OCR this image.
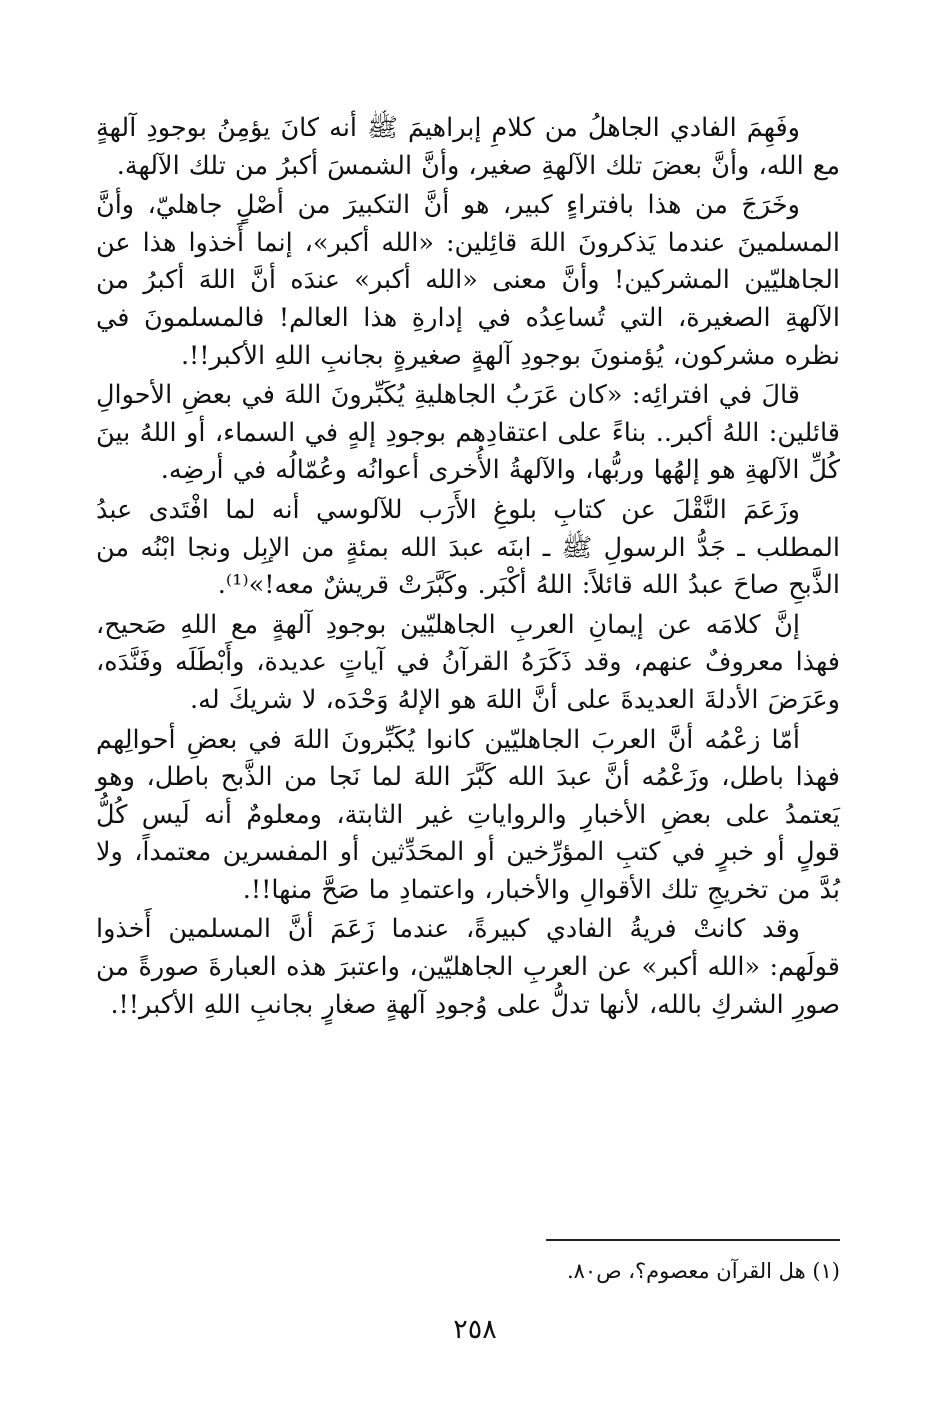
وفَهِمَ الفادي الجاهلُ من كلامِ إبراهيمَ ﷺ أنه كانَ يؤمِنُ بوجودِ آلهةٍ مع الله، وأنَّ بعضَ تلك الآلهةِ صغير، وأنَّ الشمسَ أكبرُ من تلك الآلهة.

وخَرَجَ من هذا بافتراءٍ كبير، هو أنَّ التكبيرَ من أصْلٍ جاهليّ، وأنَّ المسلمينَ عندما يَذكرونَ اللهَ قائِلين: «الله أكبر»، إنما أَخذوا هذا عن الجاهليّين المشركين! وأنَّ معنى «الله أكبر» عندَه أنَّ اللهَ أكبرُ من الآلهةِ الصغيرة، التي تُساعِدُه في إدارةِ هذا العالم! فالمسلمونَ في نظره مشركون، يُؤمنونَ بوجودِ آلهةٍ صغيرةٍ بجانبِ اللهِ الأكبر!!.

قالَ في افترائِه: «كان عَرَبُ الجاهليةِ يُكَبِّرونَ اللهَ في بعضِ الأحوالِ قائلين: اللهُ أكبر.. بناءً على اعتقادِهم بوجودِ إلهٍ في السماء، أو اللهُ بينَ كُلِّ الآلهةِ هو إلهُها وربُّها، والآلهةُ الأُخرى أعوانُه وعُمّالُه في أرضِه.

وزَعَمَ النَّقْلَ عن كتابِ بلوغِ الأَرَب للآلوسي أنه لما افْتَدى عبدُ المطلب ـ جَدُّ الرسولِ ﷺ ـ ابنَه عبدَ الله بمئةٍ من الإبِل ونجا ابْنُه من الذَّبحِ صاحَ عبدُ الله قائلاً: اللهُ أكْبَر. وكَبَّرَتْ قريشٌ معه!»⁽¹⁾.

إنَّ كلامَه عن إيمانِ العربِ الجاهليّين بوجودِ آلهةٍ مع اللهِ صَحيح، فهذا معروفٌ عنهم، وقد ذَكَرَهُ القرآنُ في آياتٍ عديدة، وأَبْطَلَه وفَنَّدَه، وعَرَضَ الأدلةَ العديدةَ على أنَّ اللهَ هو الإلهُ وَحْدَه، لا شريكَ له.

أمّا زعْمُه أنَّ العربَ الجاهليّين كانوا يُكَبِّرونَ اللهَ في بعضِ أحوالِهم فهذا باطل، وزَعْمُه أنَّ عبدَ الله كَبَّرَ اللهَ لما نَجا من الذَّبح باطل، وهو يَعتمدُ على بعضِ الأخبارِ والرواياتِ غير الثابتة، ومعلومٌ أنه لَيس كُلُّ قولٍ أو خبرٍ في كتبِ المؤرِّخين أو المحَدِّثين أو المفسرين معتمداً، ولا بُدَّ من تخريجِ تلك الأقوالِ والأخبار، واعتمادِ ما صَحَّ منها!!.

وقد كانتْ فريةُ الفادي كبيرةً، عندما زَعَمَ أنَّ المسلمين أَخذوا قولَهم: «الله أكبر» عن العربِ الجاهليّين، واعتبرَ هذه العبارةَ صورةً من صورِ الشركِ بالله، لأنها تدلُّ على وُجودِ آلهةٍ صغارٍ بجانبِ اللهِ الأكبر!!.

(١) هل القرآن معصوم؟، ص٨٠.
٢٥٨
